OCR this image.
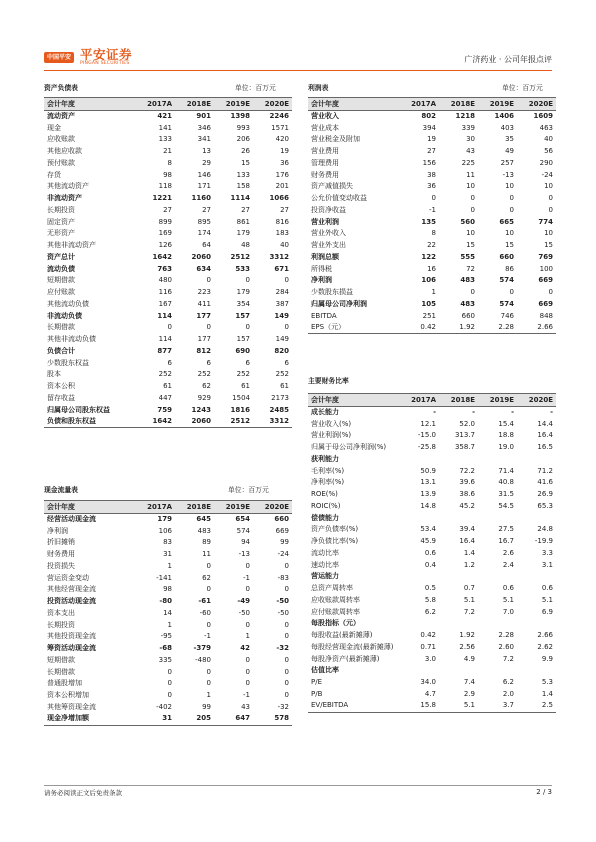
中国平安 平安证券
PINGAN SECURITIES	广济药业 · 公司年报点评
资产负债表	单位：百万元
会计年度	2017A	2018E	2019E	2020E
流动资产	421	901	1398	2246
现金	141	346	993	1571
应收账款	133	341	206	420
其他应收款	21	13	26	19
预付账款	8	29	15	36
存货	98	146	133	176
其他流动资产	118	171	158	201
非流动资产	1221	1160	1114	1066
长期投资	27	27	27	27
固定资产	899	895	861	816
无形资产	169	174	179	183
其他非流动资产	126	64	48	40
资产总计	1642	2060	2512	3312
流动负债	763	634	533	671
短期借款	480	0	0	0
应付账款	116	223	179	284
其他流动负债	167	411	354	387
非流动负债	114	177	157	149
长期借款	0	0	0	0
其他非流动负债	114	177	157	149
负债合计	877	812	690	820
少数股东权益	6	6	6	6
股本	252	252	252	252
资本公积	61	62	61	61
留存收益	447	929	1504	2173
归属母公司股东权益	759	1243	1816	2485
负债和股东权益	1642	2060	2512	3312
现金流量表	单位：百万元
会计年度	2017A	2018E	2019E	2020E
经营活动现金流	179	645	654	660
净利润	106	483	574	669
折旧摊销	83	89	94	99
财务费用	31	11	-13	-24
投资损失	1	0	0	0
营运资金变动	-141	62	-1	-83
其他经营现金流	98	0	0	0
投资活动现金流	-80	-61	-49	-50
资本支出	14	-60	-50	-50
长期投资	1	0	0	0
其他投资现金流	-95	-1	1	0
筹资活动现金流	-68	-379	42	-32
短期借款	335	-480	0	0
长期借款	0	0	0	0
普通股增加	0	0	0	0
资本公积增加	0	1	-1	0
其他筹资现金流	-402	99	43	-32
现金净增加额	31	205	647	578
利润表	单位：百万元
会计年度	2017A	2018E	2019E	2020E
营业收入	802	1218	1406	1609
营业成本	394	339	403	463
营业税金及附加	19	30	35	40
营业费用	27	43	49	56
管理费用	156	225	257	290
财务费用	38	11	-13	-24
资产减值损失	36	10	10	10
公允价值变动收益	0	0	0	0
投资净收益	-1	0	0	0
营业利润	135	560	665	774
营业外收入	8	10	10	10
营业外支出	22	15	15	15
利润总额	122	555	660	769
所得税	16	72	86	100
净利润	106	483	574	669
少数股东损益	1	0	0	0
归属母公司净利润	105	483	574	669
EBITDA	251	660	746	848
EPS（元）	0.42	1.92	2.28	2.66
主要财务比率
会计年度	2017A	2018E	2019E	2020E
成长能力	-	-	-	-
营业收入(%)	12.1	52.0	15.4	14.4
营业利润(%)	-15.0	313.7	18.8	16.4
归属于母公司净利润(%)	-25.8	358.7	19.0	16.5
获利能力				
毛利率(%)	50.9	72.2	71.4	71.2
净利率(%)	13.1	39.6	40.8	41.6
ROE(%)	13.9	38.6	31.5	26.9
ROIC(%)	14.8	45.2	54.5	65.3
偿债能力				
资产负债率(%)	53.4	39.4	27.5	24.8
净负债比率(%)	45.9	16.4	16.7	-19.9
流动比率	0.6	1.4	2.6	3.3
速动比率	0.4	1.2	2.4	3.1
营运能力				
总资产周转率	0.5	0.7	0.6	0.6
应收账款周转率	5.8	5.1	5.1	5.1
应付账款周转率	6.2	7.2	7.0	6.9
每股指标（元）				
每股收益(最新摊薄)	0.42	1.92	2.28	2.66
每股经营现金流(最新摊薄)	0.71	2.56	2.60	2.62
每股净资产(最新摊薄)	3.0	4.9	7.2	9.9
估值比率				
P/E	34.0	7.4	6.2	5.3
P/B	4.7	2.9	2.0	1.4
EV/EBITDA	15.8	5.1	3.7	2.5
请务必阅读正文后免责条款	2 / 3
